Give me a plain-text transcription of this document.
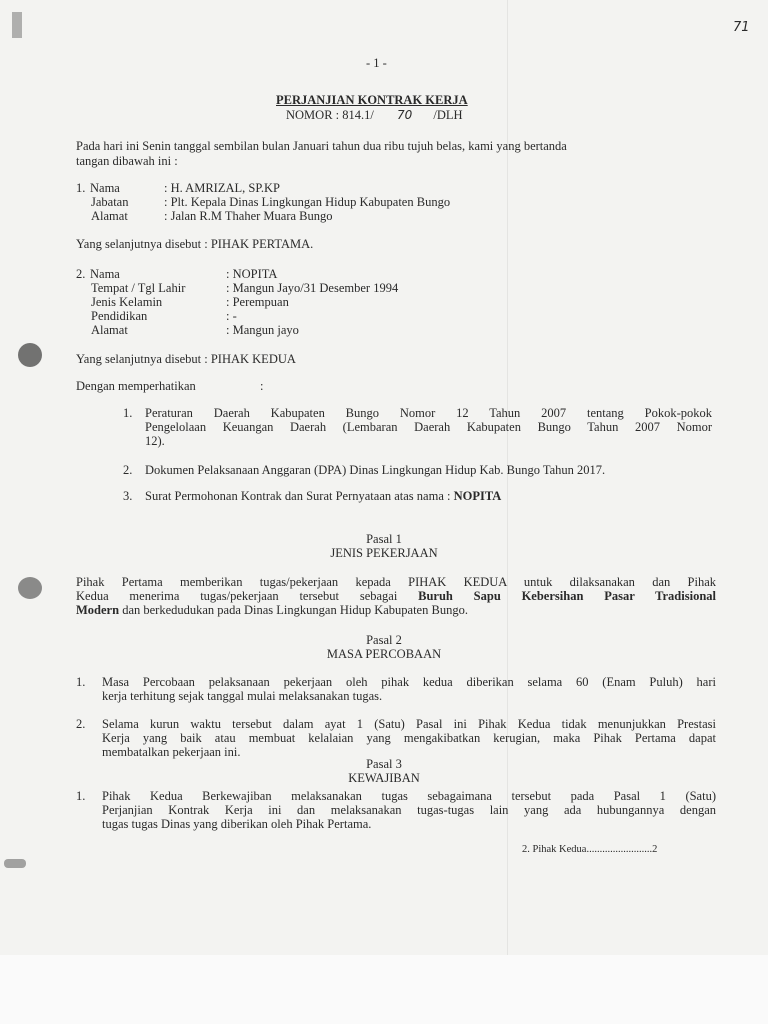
71
- 1 -
PERJANJIAN KONTRAK KERJA
NOMOR : 814.1/ 70 /DLH
Pada hari ini Senin tanggal sembilan bulan Januari tahun dua ribu tujuh belas, kami yang bertanda
tangan dibawah ini :
1. Nama	: H. AMRIZAL, SP.KP
Jabatan	: Plt. Kepala Dinas Lingkungan Hidup Kabupaten Bungo
Alamat	: Jalan R.M Thaher Muara Bungo
Yang selanjutnya disebut : PIHAK PERTAMA.
2. Nama	: NOPITA
Tempat / Tgl Lahir	: Mangun Jayo/31 Desember 1994
Jenis Kelamin	: Perempuan
Pendidikan	: -
Alamat	: Mangun jayo
Yang selanjutnya disebut : PIHAK KEDUA
Dengan memperhatikan	:
1. Peraturan Daerah Kabupaten Bungo Nomor 12 Tahun 2007 tentang Pokok-pokok
Pengelolaan Keuangan Daerah (Lembaran Daerah Kabupaten Bungo Tahun 2007 Nomor
12).
2. Dokumen Pelaksanaan Anggaran (DPA) Dinas Lingkungan Hidup Kab. Bungo Tahun 2017.
3. Surat Permohonan Kontrak dan Surat Pernyataan atas nama : NOPITA
Pasal 1
JENIS PEKERJAAN
Pihak Pertama memberikan tugas/pekerjaan kepada PIHAK KEDUA untuk dilaksanakan dan Pihak
Kedua menerima tugas/pekerjaan tersebut sebagai Buruh Sapu Kebersihan Pasar Tradisional
Modern dan berkedudukan pada Dinas Lingkungan Hidup Kabupaten Bungo.
Pasal 2
MASA PERCOBAAN
1. Masa Percobaan pelaksanaan pekerjaan oleh pihak kedua diberikan selama 60 (Enam Puluh) hari
kerja terhitung sejak tanggal mulai melaksanakan tugas.
2. Selama kurun waktu tersebut dalam ayat 1 (Satu) Pasal ini Pihak Kedua tidak menunjukkan Prestasi
Kerja yang baik atau membuat kelalaian yang mengakibatkan kerugian, maka Pihak Pertama dapat
membatalkan pekerjaan ini.
Pasal 3
KEWAJIBAN
1. Pihak Kedua Berkewajiban melaksanakan tugas sebagaimana tersebut pada Pasal 1 (Satu)
Perjanjian Kontrak Kerja ini dan melaksanakan tugas-tugas lain yang ada hubungannya dengan
tugas tugas Dinas yang diberikan oleh Pihak Pertama.
2. Pihak Kedua.........................2
